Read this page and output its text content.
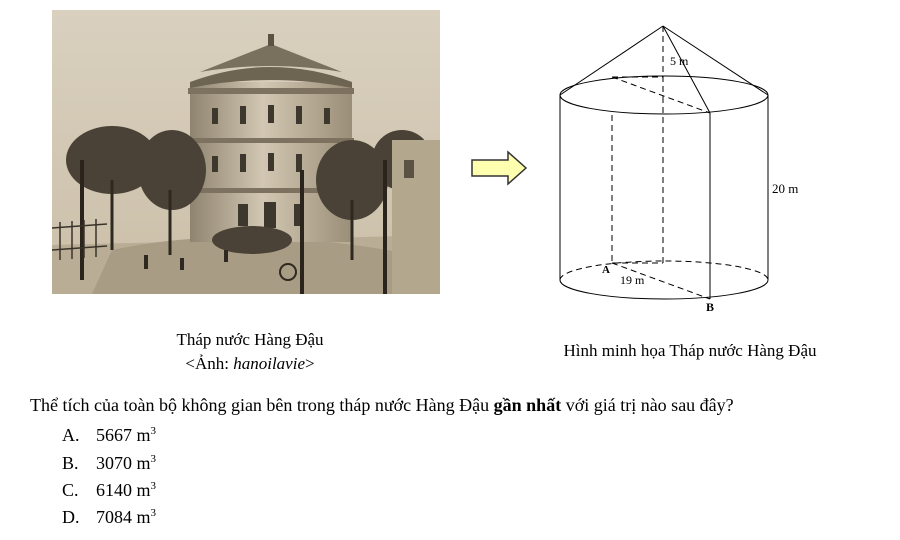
5 m
20 m
19 m
A
B
Tháp nước Hàng Đậu
<Ảnh: hanoilavie>
Hình minh họa Tháp nước Hàng Đậu
Thể tích của toàn bộ không gian bên trong tháp nước Hàng Đậu gần nhất với giá trị nào sau đây?
A. 5667 $m^3$
B. 3070 $m^3$
C. 6140 $m^3$
D. 7084 $m^3$
